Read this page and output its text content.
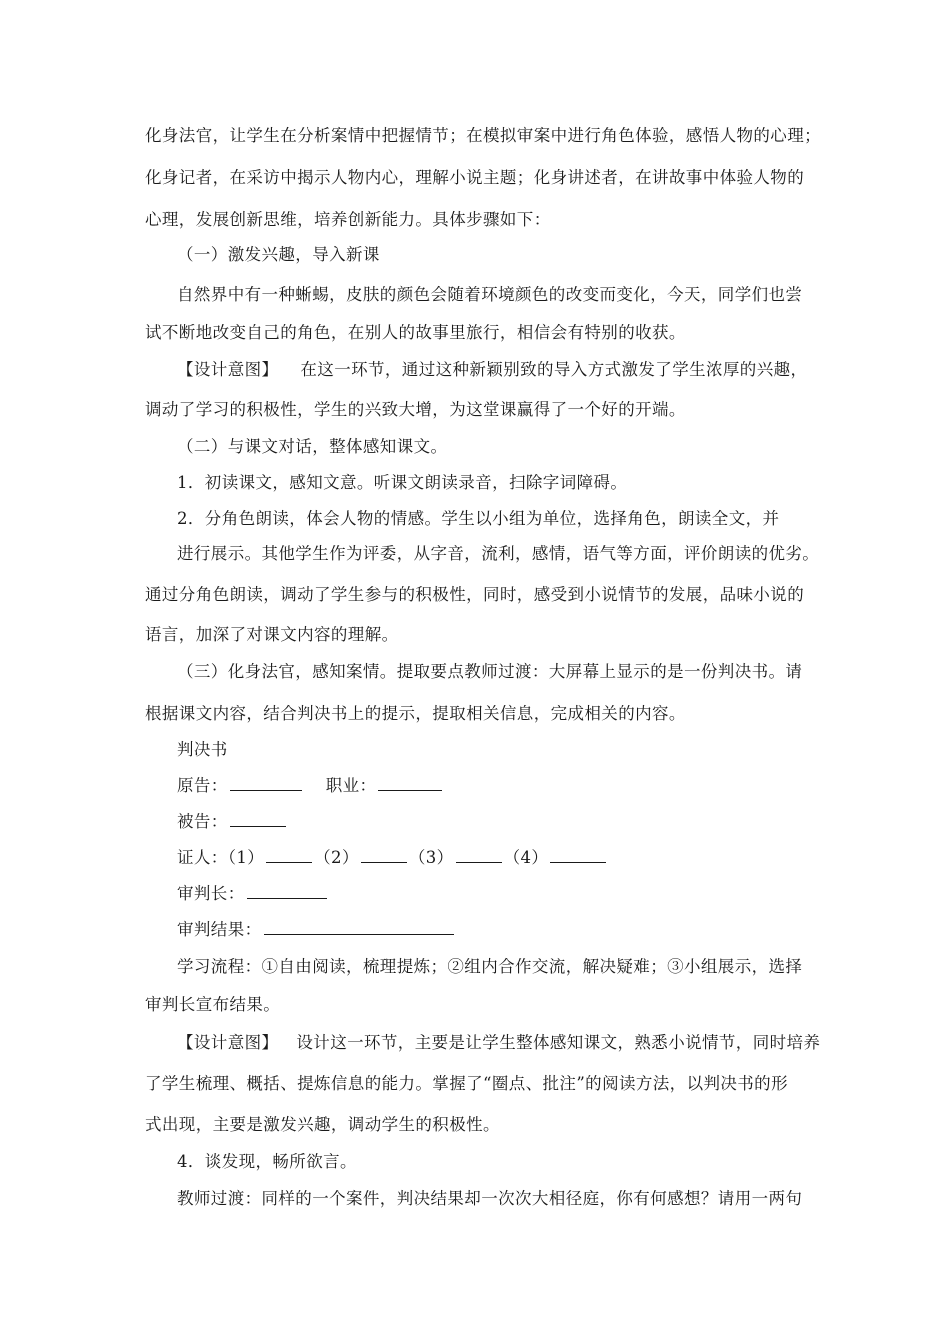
化身法官，让学生在分析案情中把握情节；在模拟审案中进行角色体验，感悟人物的心理；
化身记者，在采访中揭示人物内心，理解小说主题；化身讲述者，在讲故事中体验人物的
心理，发展创新思维，培养创新能力。具体步骤如下：
（一）激发兴趣，导入新课
自然界中有一种蜥蜴，皮肤的颜色会随着环境颜色的改变而变化，今天，同学们也尝
试不断地改变自己的角色，在别人的故事里旅行，相信会有特别的收获。
【设计意图】 在这一环节，通过这种新颖别致的导入方式激发了学生浓厚的兴趣，
调动了学习的积极性，学生的兴致大增，为这堂课赢得了一个好的开端。
（二）与课文对话，整体感知课文。
1．初读课文，感知文意。听课文朗读录音，扫除字词障碍。
2．分角色朗读，体会人物的情感。学生以小组为单位，选择角色，朗读全文，并
进行展示。其他学生作为评委，从字音，流利，感情，语气等方面，评价朗读的优劣。
通过分角色朗读，调动了学生参与的积极性，同时，感受到小说情节的发展，品味小说的
语言，加深了对课文内容的理解。
（三）化身法官，感知案情。提取要点教师过渡：大屏幕上显示的是一份判决书。请
根据课文内容，结合判决书上的提示，提取相关信息，完成相关的内容。
判决书
原告：	职业：
被告：
证人：（1）	（2）	（3）	（4）
审判长：
审判结果：
学习流程：①自由阅读，梳理提炼；②组内合作交流，解决疑难；③小组展示，选择
审判长宣布结果。
【设计意图】 设计这一环节，主要是让学生整体感知课文，熟悉小说情节，同时培养
了学生梳理、概括、提炼信息的能力。掌握了“圈点、批注”的阅读方法，以判决书的形
式出现，主要是激发兴趣，调动学生的积极性。
4．谈发现，畅所欲言。
教师过渡：同样的一个案件，判决结果却一次次大相径庭，你有何感想？请用一两句
